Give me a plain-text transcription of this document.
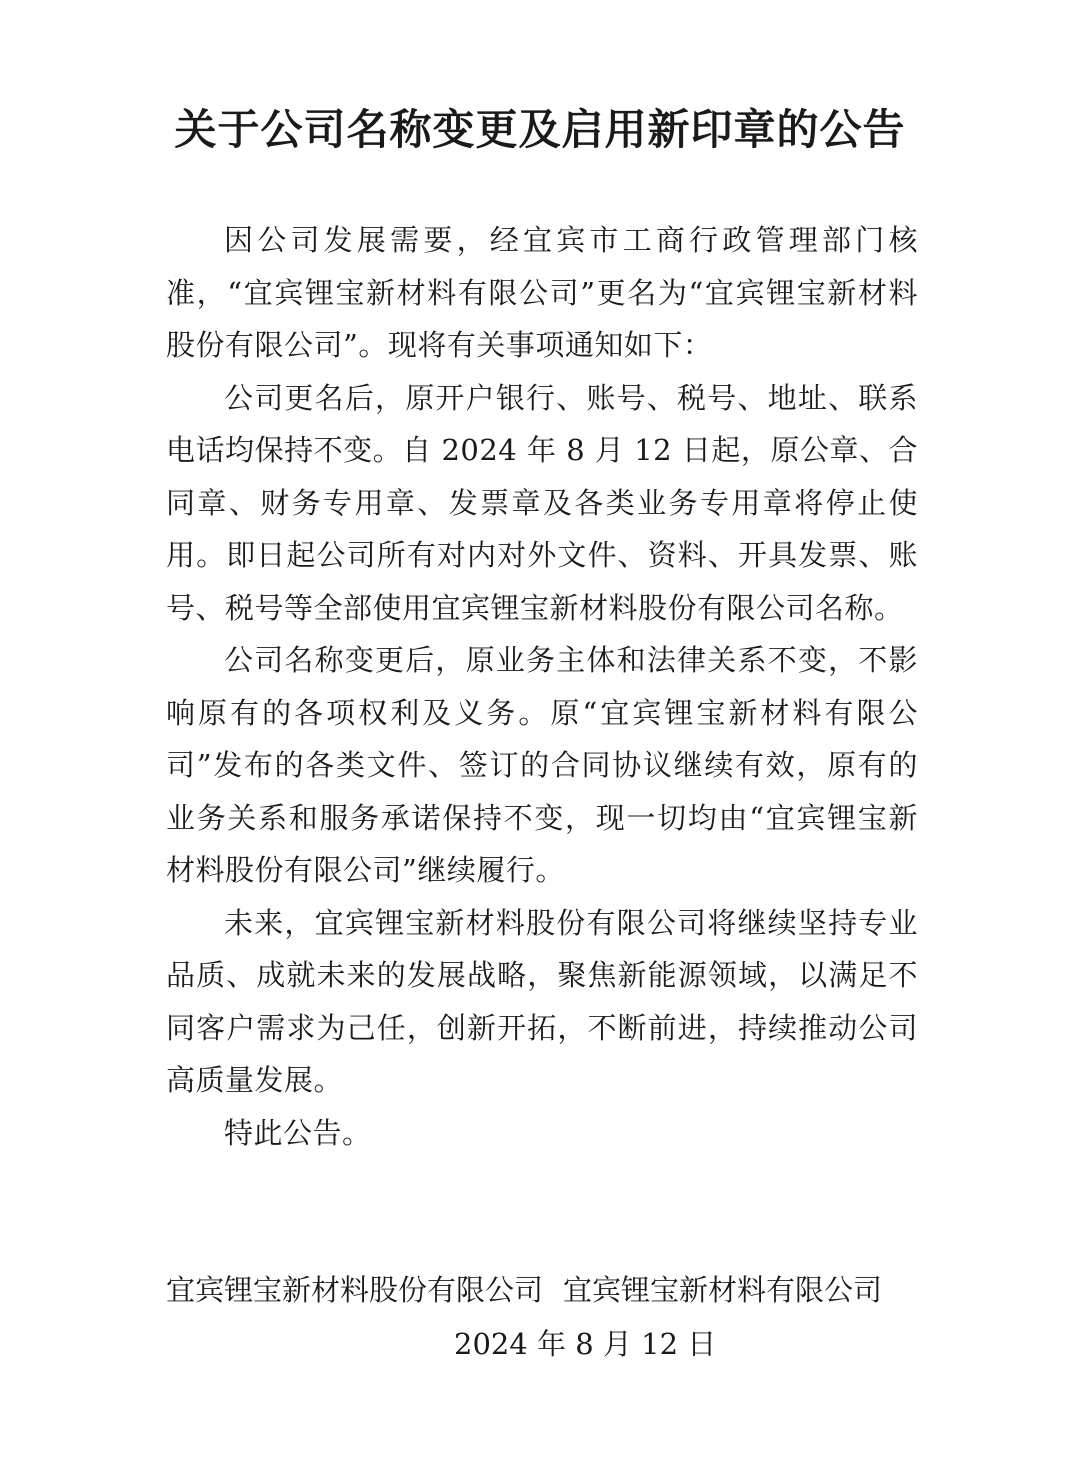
关于公司名称变更及启用新印章的公告

因公司发展需要，经宜宾市工商行政管理部门核准，“宜宾锂宝新材料有限公司”更名为“宜宾锂宝新材料股份有限公司”。现将有关事项通知如下：

公司更名后，原开户银行、账号、税号、地址、联系电话均保持不变。自 2024 年 8 月 12 日起，原公章、合同章、财务专用章、发票章及各类业务专用章将停止使用。即日起公司所有对内对外文件、资料、开具发票、账号、税号等全部使用宜宾锂宝新材料股份有限公司名称。

公司名称变更后，原业务主体和法律关系不变，不影响原有的各项权利及义务。原“宜宾锂宝新材料有限公司”发布的各类文件、签订的合同协议继续有效，原有的业务关系和服务承诺保持不变，现一切均由“宜宾锂宝新材料股份有限公司”继续履行。

未来，宜宾锂宝新材料股份有限公司将继续坚持专业品质、成就未来的发展战略，聚焦新能源领域，以满足不同客户需求为己任，创新开拓，不断前进，持续推动公司高质量发展。

特此公告。

宜宾锂宝新材料股份有限公司 宜宾锂宝新材料有限公司
2024 年 8 月 12 日
